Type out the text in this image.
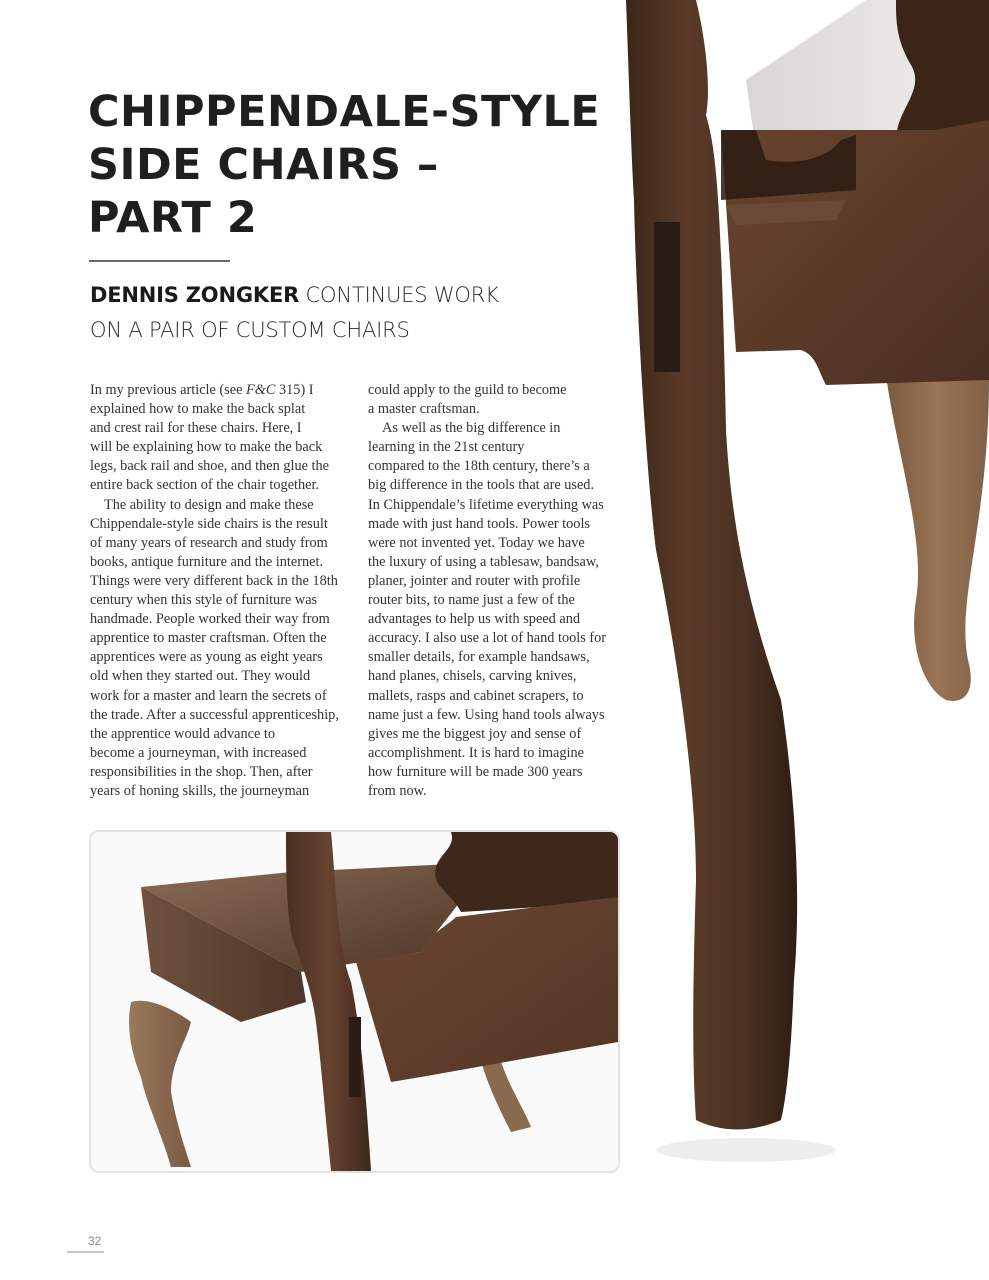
CHIPPENDALE-STYLE
SIDE CHAIRS –
PART 2
DENNIS ZONGKER CONTINUES WORK
ON A PAIR OF CUSTOM CHAIRS

In my previous article (see F&C 315) I
explained how to make the back splat
and crest rail for these chairs. Here, I
will be explaining how to make the back
legs, back rail and shoe, and then glue the
entire back section of the chair together.

The ability to design and make these
Chippendale-style side chairs is the result
of many years of research and study from
books, antique furniture and the internet.
Things were very different back in the 18th
century when this style of furniture was
handmade. People worked their way from
apprentice to master craftsman. Often the
apprentices were as young as eight years
old when they started out. They would
work for a master and learn the secrets of
the trade. After a successful apprenticeship,
the apprentice would advance to
become a journeyman, with increased
responsibilities in the shop. Then, after
years of honing skills, the journeyman

could apply to the guild to become
a master craftsman.

As well as the big difference in
learning in the 21st century
compared to the 18th century, there’s a
big difference in the tools that are used.
In Chippendale’s lifetime everything was
made with just hand tools. Power tools
were not invented yet. Today we have
the luxury of using a tablesaw, bandsaw,
planer, jointer and router with profile
router bits, to name just a few of the
advantages to help us with speed and
accuracy. I also use a lot of hand tools for
smaller details, for example handsaws,
hand planes, chisels, carving knives,
mallets, rasps and cabinet scrapers, to
name just a few. Using hand tools always
gives me the biggest joy and sense of
accomplishment. It is hard to imagine
how furniture will be made 300 years
from now.

32
